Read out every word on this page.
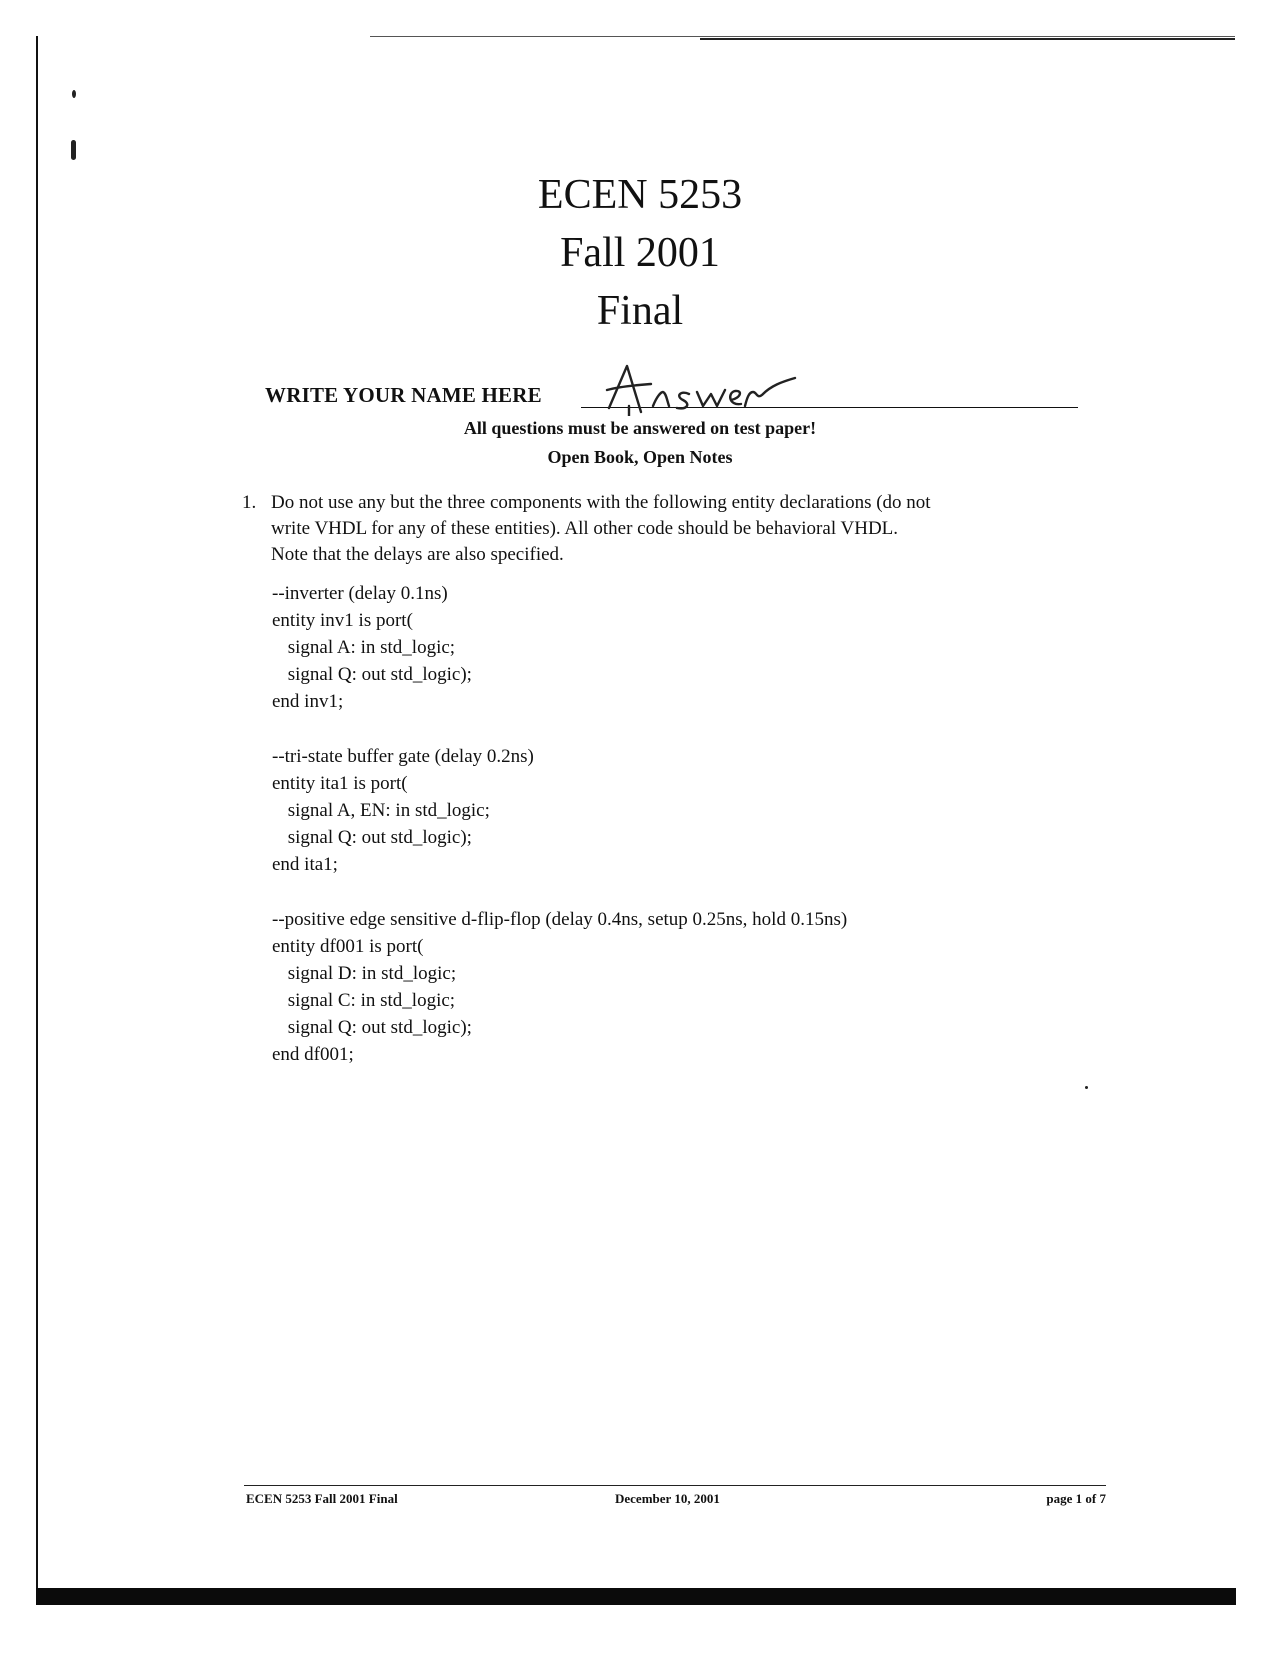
ECEN 5253
Fall 2001
Final
WRITE YOUR NAME HERE
All questions must be answered on test paper!
Open Book, Open Notes
1. Do not use any but the three components with the following entity declarations (do not
write VHDL for any of these entities). All other code should be behavioral VHDL.
Note that the delays are also specified.
--inverter (delay 0.1ns)
entity inv1 is port(
signal A: in std_logic;
signal Q: out std_logic);
end inv1;
--tri-state buffer gate (delay 0.2ns)
entity ita1 is port(
signal A, EN: in std_logic;
signal Q: out std_logic);
end ita1;
--positive edge sensitive d-flip-flop (delay 0.4ns, setup 0.25ns, hold 0.15ns)
entity df001 is port(
signal D: in std_logic;
signal C: in std_logic;
signal Q: out std_logic);
end df001;
ECEN 5253 Fall 2001 Final	December 10, 2001	page 1 of 7
